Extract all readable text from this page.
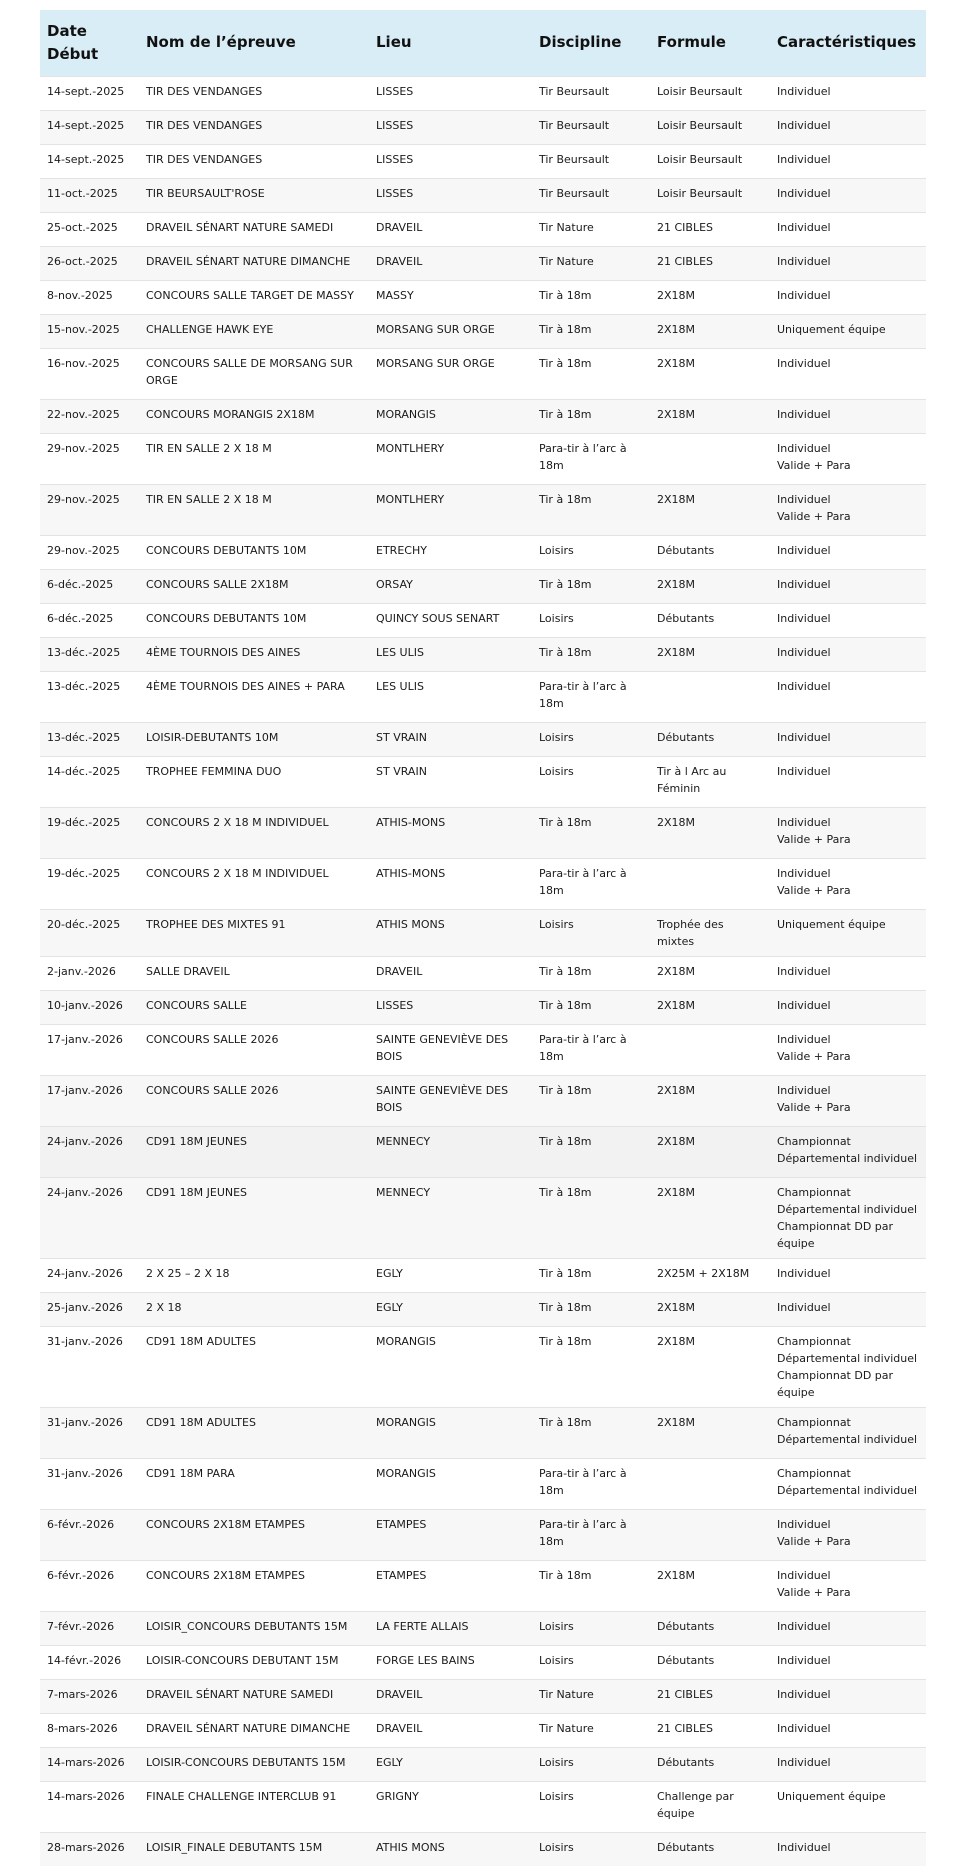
Date
Début	Nom de l’épreuve	Lieu	Discipline	Formule	Caractéristiques
14-sept.-2025	TIR DES VENDANGES	LISSES	Tir Beursault	Loisir Beursault	Individuel
14-sept.-2025	TIR DES VENDANGES	LISSES	Tir Beursault	Loisir Beursault	Individuel
14-sept.-2025	TIR DES VENDANGES	LISSES	Tir Beursault	Loisir Beursault	Individuel
11-oct.-2025	TIR BEURSAULT'ROSE	LISSES	Tir Beursault	Loisir Beursault	Individuel
25-oct.-2025	DRAVEIL SÉNART NATURE SAMEDI	DRAVEIL	Tir Nature	21 CIBLES	Individuel
26-oct.-2025	DRAVEIL SÉNART NATURE DIMANCHE	DRAVEIL	Tir Nature	21 CIBLES	Individuel
8-nov.-2025	CONCOURS SALLE TARGET DE MASSY	MASSY	Tir à 18m	2X18M	Individuel
15-nov.-2025	CHALLENGE HAWK EYE	MORSANG SUR ORGE	Tir à 18m	2X18M	Uniquement équipe
16-nov.-2025	CONCOURS SALLE DE MORSANG SUR ORGE	MORSANG SUR ORGE	Tir à 18m	2X18M	Individuel
22-nov.-2025	CONCOURS MORANGIS 2X18M	MORANGIS	Tir à 18m	2X18M	Individuel
29-nov.-2025	TIR EN SALLE 2 X 18 M	MONTLHERY	Para-tir à l’arc à 18m		Individuel
Valide + Para
29-nov.-2025	TIR EN SALLE 2 X 18 M	MONTLHERY	Tir à 18m	2X18M	Individuel
Valide + Para
29-nov.-2025	CONCOURS DEBUTANTS 10M	ETRECHY	Loisirs	Débutants	Individuel
6-déc.-2025	CONCOURS SALLE 2X18M	ORSAY	Tir à 18m	2X18M	Individuel
6-déc.-2025	CONCOURS DEBUTANTS 10M	QUINCY SOUS SENART	Loisirs	Débutants	Individuel
13-déc.-2025	4ÈME TOURNOIS DES AINES	LES ULIS	Tir à 18m	2X18M	Individuel
13-déc.-2025	4ÈME TOURNOIS DES AINES + PARA	LES ULIS	Para-tir à l’arc à 18m		Individuel
13-déc.-2025	LOISIR-DEBUTANTS 10M	ST VRAIN	Loisirs	Débutants	Individuel
14-déc.-2025	TROPHEE FEMMINA DUO	ST VRAIN	Loisirs	Tir à l Arc au Féminin	Individuel
19-déc.-2025	CONCOURS 2 X 18 M INDIVIDUEL	ATHIS-MONS	Tir à 18m	2X18M	Individuel
Valide + Para
19-déc.-2025	CONCOURS 2 X 18 M INDIVIDUEL	ATHIS-MONS	Para-tir à l’arc à 18m		Individuel
Valide + Para
20-déc.-2025	TROPHEE DES MIXTES 91	ATHIS MONS	Loisirs	Trophée des mixtes	Uniquement équipe
2-janv.-2026	SALLE DRAVEIL	DRAVEIL	Tir à 18m	2X18M	Individuel
10-janv.-2026	CONCOURS SALLE	LISSES	Tir à 18m	2X18M	Individuel
17-janv.-2026	CONCOURS SALLE 2026	SAINTE GENEVIÈVE DES BOIS	Para-tir à l’arc à 18m		Individuel
Valide + Para
17-janv.-2026	CONCOURS SALLE 2026	SAINTE GENEVIÈVE DES BOIS	Tir à 18m	2X18M	Individuel
Valide + Para
24-janv.-2026	CD91 18M JEUNES	MENNECY	Tir à 18m	2X18M	Championnat Départemental individuel
24-janv.-2026	CD91 18M JEUNES	MENNECY	Tir à 18m	2X18M	Championnat Départemental individuel
Championnat DD par équipe
24-janv.-2026	2 X 25 – 2 X 18	EGLY	Tir à 18m	2X25M + 2X18M	Individuel
25-janv.-2026	2 X 18	EGLY	Tir à 18m	2X18M	Individuel
31-janv.-2026	CD91 18M ADULTES	MORANGIS	Tir à 18m	2X18M	Championnat Départemental individuel
Championnat DD par équipe
31-janv.-2026	CD91 18M ADULTES	MORANGIS	Tir à 18m	2X18M	Championnat Départemental individuel
31-janv.-2026	CD91 18M PARA	MORANGIS	Para-tir à l’arc à 18m		Championnat Départemental individuel
6-févr.-2026	CONCOURS 2X18M ETAMPES	ETAMPES	Para-tir à l’arc à 18m		Individuel
Valide + Para
6-févr.-2026	CONCOURS 2X18M ETAMPES	ETAMPES	Tir à 18m	2X18M	Individuel
Valide + Para
7-févr.-2026	LOISIR_CONCOURS DEBUTANTS 15M	LA FERTE ALLAIS	Loisirs	Débutants	Individuel
14-févr.-2026	LOISIR-CONCOURS DEBUTANT 15M	FORGE LES BAINS	Loisirs	Débutants	Individuel
7-mars-2026	DRAVEIL SÉNART NATURE SAMEDI	DRAVEIL	Tir Nature	21 CIBLES	Individuel
8-mars-2026	DRAVEIL SÉNART NATURE DIMANCHE	DRAVEIL	Tir Nature	21 CIBLES	Individuel
14-mars-2026	LOISIR-CONCOURS DEBUTANTS 15M	EGLY	Loisirs	Débutants	Individuel
14-mars-2026	FINALE CHALLENGE INTERCLUB 91	GRIGNY	Loisirs	Challenge par équipe	Uniquement équipe
28-mars-2026	LOISIR_FINALE DEBUTANTS 15M	ATHIS MONS	Loisirs	Débutants	Individuel
